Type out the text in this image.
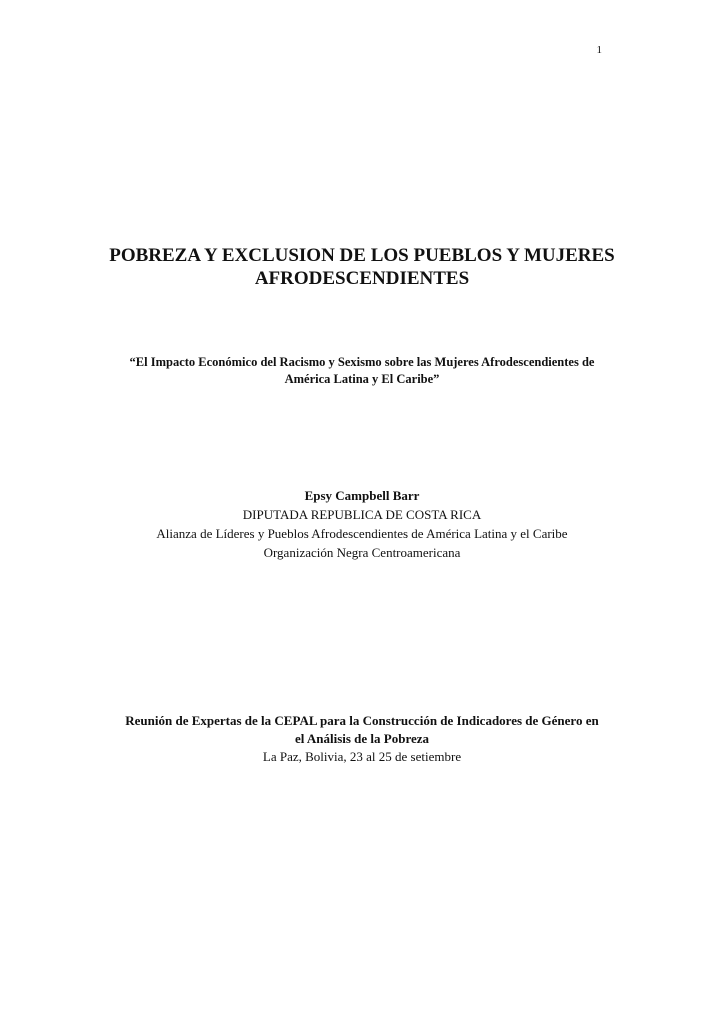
1
POBREZA Y EXCLUSION DE LOS PUEBLOS Y MUJERES
AFRODESCENDIENTES
“El Impacto Económico del Racismo y Sexismo sobre las Mujeres Afrodescendientes de
América Latina y El Caribe”
Epsy Campbell Barr
DIPUTADA REPUBLICA DE COSTA RICA
Alianza de Líderes y Pueblos Afrodescendientes de América Latina y el Caribe
Organización Negra Centroamericana
Reunión de Expertas de la CEPAL para la Construcción de Indicadores de Género en
el Análisis de la Pobreza
La Paz, Bolivia, 23 al 25 de setiembre
